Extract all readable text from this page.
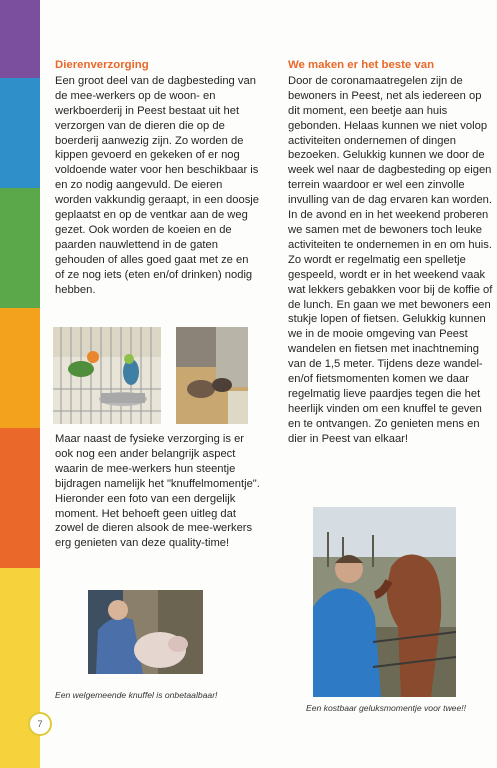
Dierenverzorging

Een groot deel van de dagbesteding van de mee-werkers op de woon- en werkboerderij in Peest bestaat uit het verzorgen van de dieren die op de boerderij aanwezig zijn. Zo worden de kippen gevoerd en gekeken of er nog voldoende water voor hen beschikbaar is en zo nodig aangevuld. De eieren worden vakkundig geraapt, in een doosje geplaatst en op de ventkar aan de weg gezet. Ook worden de koeien en de paarden nauwlettend in de gaten gehouden of alles goed gaat met ze en of ze nog iets (eten en/of drinken) nodig hebben.

Maar naast de fysieke verzorging is er ook nog een ander belangrijk aspect waarin de mee-werkers hun steentje bijdragen namelijk het "knuffelmomentje".

Hieronder een foto van een dergelijk moment. Het behoeft geen uitleg dat zowel de dieren alsook de mee-werkers erg genieten van deze quality-time!

Een welgemeende knuffel is onbetaalbaar!
We maken er het beste van

Door de coronamaatregelen zijn de bewoners in Peest, net als iedereen op dit moment, een beetje aan huis gebonden. Helaas kunnen we niet volop activiteiten ondernemen of dingen bezoeken. Gelukkig kunnen we door de week wel naar de dagbesteding op eigen terrein waardoor er wel een zinvolle invulling van de dag ervaren kan worden.

In de avond en in het weekend proberen we samen met de bewoners toch leuke activiteiten te ondernemen in en om huis. Zo wordt er regelmatig een spelletje gespeeld, wordt er in het weekend vaak wat lekkers gebakken voor bij de koffie of de lunch. En gaan we met bewoners een stukje lopen of fietsen. Gelukkig kunnen we in de mooie omgeving van Peest wandelen en fietsen met inachtneming van de 1,5 meter. Tijdens deze wandel- en/of fietsmomenten komen we daar regelmatig lieve paardjes tegen die het heerlijk vinden om een knuffel te geven en te ontvangen. Zo genieten mens en dier in Peest van elkaar!

Een kostbaar geluksmomentje voor twee!!
7
